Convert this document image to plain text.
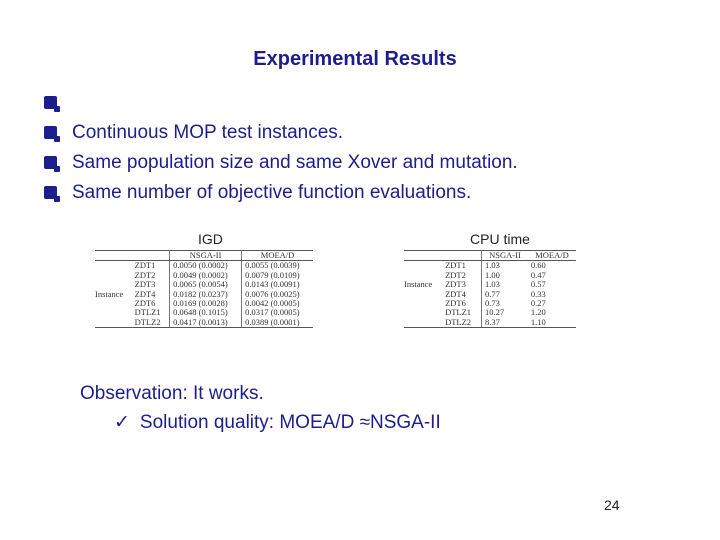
Experimental Results
Continuous MOP test instances.
Same population size and same Xover and mutation.
Same number of objective function evaluations.
IGD	CPU time
		NSGA-II	MOEA/D
	ZDT1	0.0050 (0.0002)	0.0055 (0.0039)
	ZDT2	0.0049 (0.0002)	0.0079 (0.0109)
	ZDT3	0.0065 (0.0054)	0.0143 (0.0091)
Instance	ZDT4	0.0182 (0.0237)	0.0076 (0.0025)
	ZDT6	0.0169 (0.0028)	0.0042 (0.0005)
	DTLZ1	0.0648 (0.1015)	0.0317 (0.0005)
	DTLZ2	0.0417 (0.0013)	0.0389 (0.0001)
		NSGA-II	MOEA/D
	ZDT1	1.03	0.60
	ZDT2	1.00	0.47
Instance	ZDT3	1.03	0.57
	ZDT4	0.77	0.33
	ZDT6	0.73	0.27
	DTLZ1	10.27	1.20
	DTLZ2	8.37	1.10
Observation: It works.
✓ Solution quality: MOEA/D ≈NSGA-II
24
